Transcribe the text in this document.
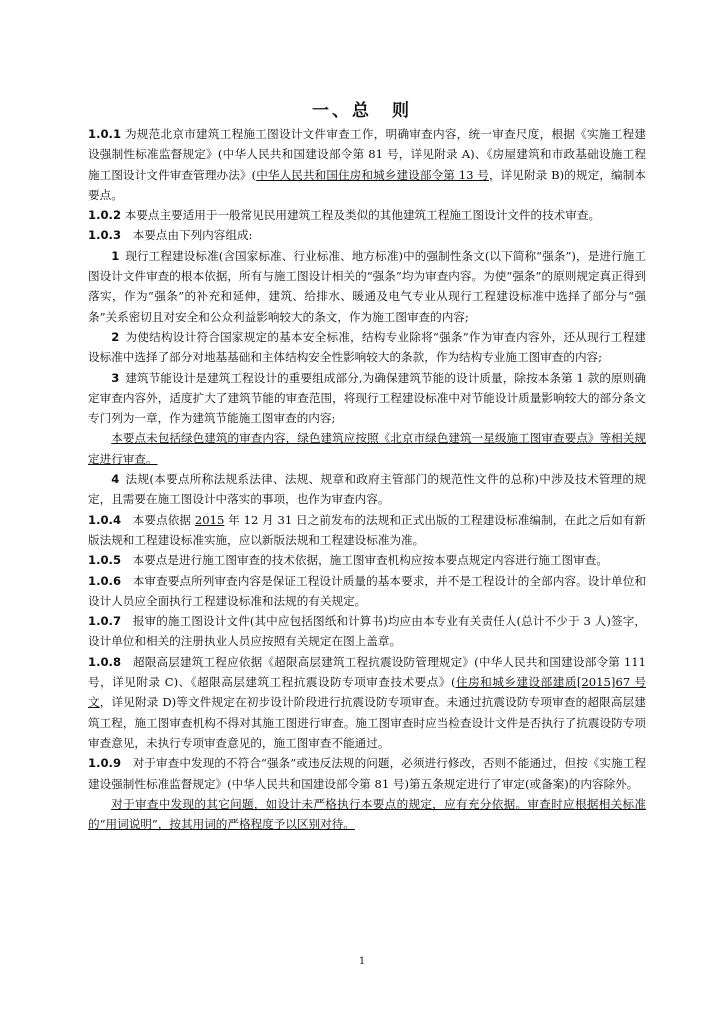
一、总　则

1.0.1 为规范北京市建筑工程施工图设计文件审查工作，明确审查内容，统一审查尺度，根据《实施工程建设强制性标准监督规定》(中华人民共和国建设部令第 81 号，详见附录 A)、《房屋建筑和市政基础设施工程施工图设计文件审查管理办法》(中华人民共和国住房和城乡建设部令第 13 号，详见附录 B)的规定，编制本要点。

1.0.2 本要点主要适用于一般常见民用建筑工程及类似的其他建筑工程施工图设计文件的技术审查。

1.0.3　本要点由下列内容组成:

1 现行工程建设标准(含国家标准、行业标准、地方标准)中的强制性条文(以下简称“强条”)，是进行施工图设计文件审查的根本依据，所有与施工图设计相关的“强条”均为审查内容。为使“强条”的原则规定真正得到落实，作为“强条”的补充和延伸，建筑、给排水、暖通及电气专业从现行工程建设标准中选择了部分与“强条”关系密切且对安全和公众利益影响较大的条文，作为施工图审查的内容;

2 为使结构设计符合国家规定的基本安全标准，结构专业除将“强条”作为审查内容外，还从现行工程建设标准中选择了部分对地基基础和主体结构安全性影响较大的条款，作为结构专业施工图审查的内容;

3 建筑节能设计是建筑工程设计的重要组成部分,为确保建筑节能的设计质量，除按本条第 1 款的原则确定审查内容外，适度扩大了建筑节能的审查范围，将现行工程建设标准中对节能设计质量影响较大的部分条文专门列为一章，作为建筑节能施工图审查的内容;

本要点未包括绿色建筑的审查内容，绿色建筑应按照《北京市绿色建筑一星级施工图审查要点》等相关规定进行审查。

4 法规(本要点所称法规系法律、法规、规章和政府主管部门的规范性文件的总称)中涉及技术管理的规定，且需要在施工图设计中落实的事项，也作为审查内容。

1.0.4　本要点依据 2015 年 12 月 31 日之前发布的法规和正式出版的工程建设标准编制，在此之后如有新版法规和工程建设标准实施，应以新版法规和工程建设标准为准。

1.0.5　本要点是进行施工图审查的技术依据，施工图审查机构应按本要点规定内容进行施工图审查。

1.0.6　本审查要点所列审查内容是保证工程设计质量的基本要求，并不是工程设计的全部内容。设计单位和设计人员应全面执行工程建设标准和法规的有关规定。

1.0.7　报审的施工图设计文件(其中应包括图纸和计算书)均应由本专业有关责任人(总计不少于 3 人)签字，设计单位和相关的注册执业人员应按照有关规定在图上盖章。

1.0.8　超限高层建筑工程应依据《超限高层建筑工程抗震设防管理规定》(中华人民共和国建设部令第 111 号，详见附录 C)、《超限高层建筑工程抗震设防专项审查技术要点》(住房和城乡建设部建质[2015]67 号文，详见附录 D)等文件规定在初步设计阶段进行抗震设防专项审查。未通过抗震设防专项审查的超限高层建筑工程，施工图审查机构不得对其施工图进行审查。施工图审查时应当检查设计文件是否执行了抗震设防专项审查意见，未执行专项审查意见的，施工图审查不能通过。

1.0.9　对于审查中发现的不符合“强条”或违反法规的问题，必须进行修改，否则不能通过，但按《实施工程建设强制性标准监督规定》(中华人民共和国建设部令第 81 号)第五条规定进行了审定(或备案)的内容除外。

对于审查中发现的其它问题，如设计未严格执行本要点的规定，应有充分依据。审查时应根据相关标准的“用词说明”，按其用词的严格程度予以区别对待。

1
